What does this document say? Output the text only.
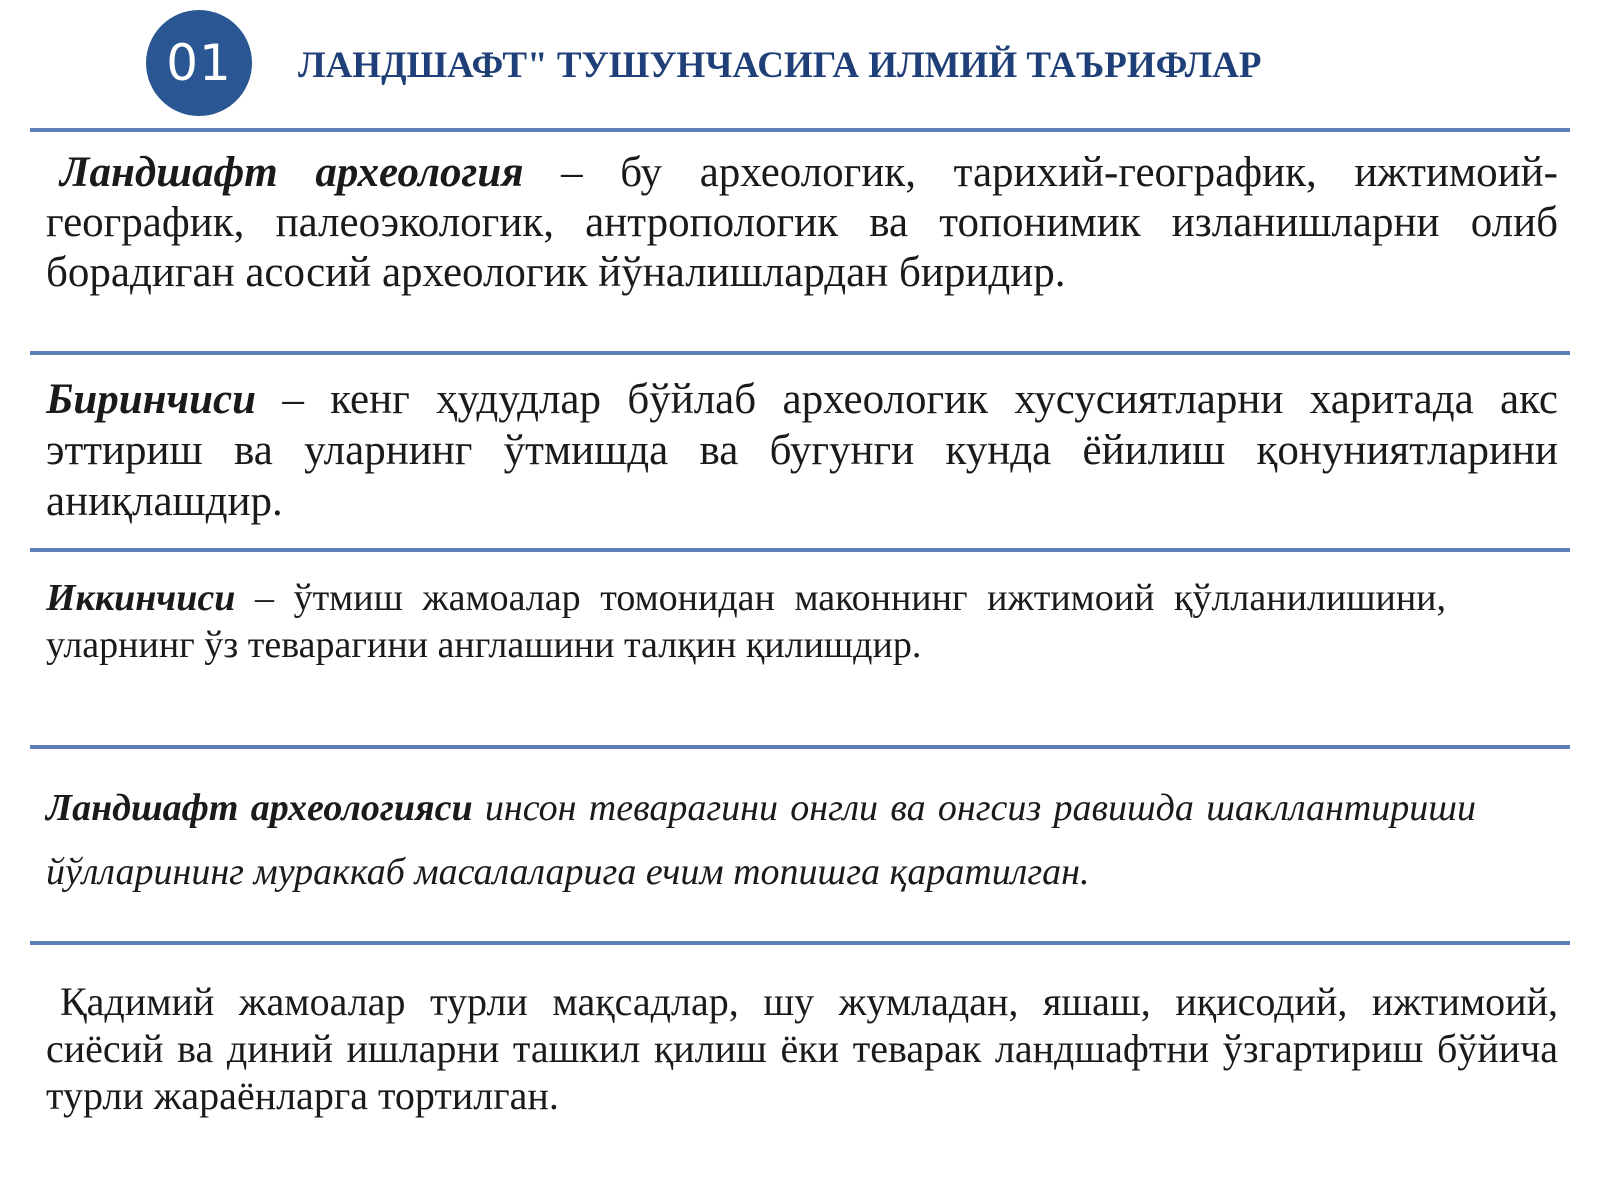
01 ЛАНДШАФТ" ТУШУНЧАСИГА ИЛМИЙ ТАЪРИФЛАР
Ландшафт археология – бу археологик, тарихий-географик, ижтимоий-географик, палеоэкологик, антропологик ва топонимик изланишларни олиб борадиган асосий археологик йўналишлардан биридир.
Биринчиси – кенг ҳудудлар бўйлаб археологик хусусиятларни харитада акс эттириш ва уларнинг ўтмишда ва бугунги кунда ёйилиш қонуниятларини аниқлашдир.
Иккинчиси – ўтмиш жамоалар томонидан маконнинг ижтимоий қўлланилишини, уларнинг ўз теварагини англашини талқин қилишдир.
Ландшафт археологияси инсон теварагини онгли ва онгсиз равишда шакллантириши йўлларининг мураккаб масалаларига ечим топишга қаратилган.
Қадимий жамоалар турли мақсадлар, шу жумладан, яшаш, иқисодий, ижтимоий, сиёсий ва диний ишларни ташкил қилиш ёки теварак ландшафтни ўзгартириш бўйича турли жараёнларга тортилган.
